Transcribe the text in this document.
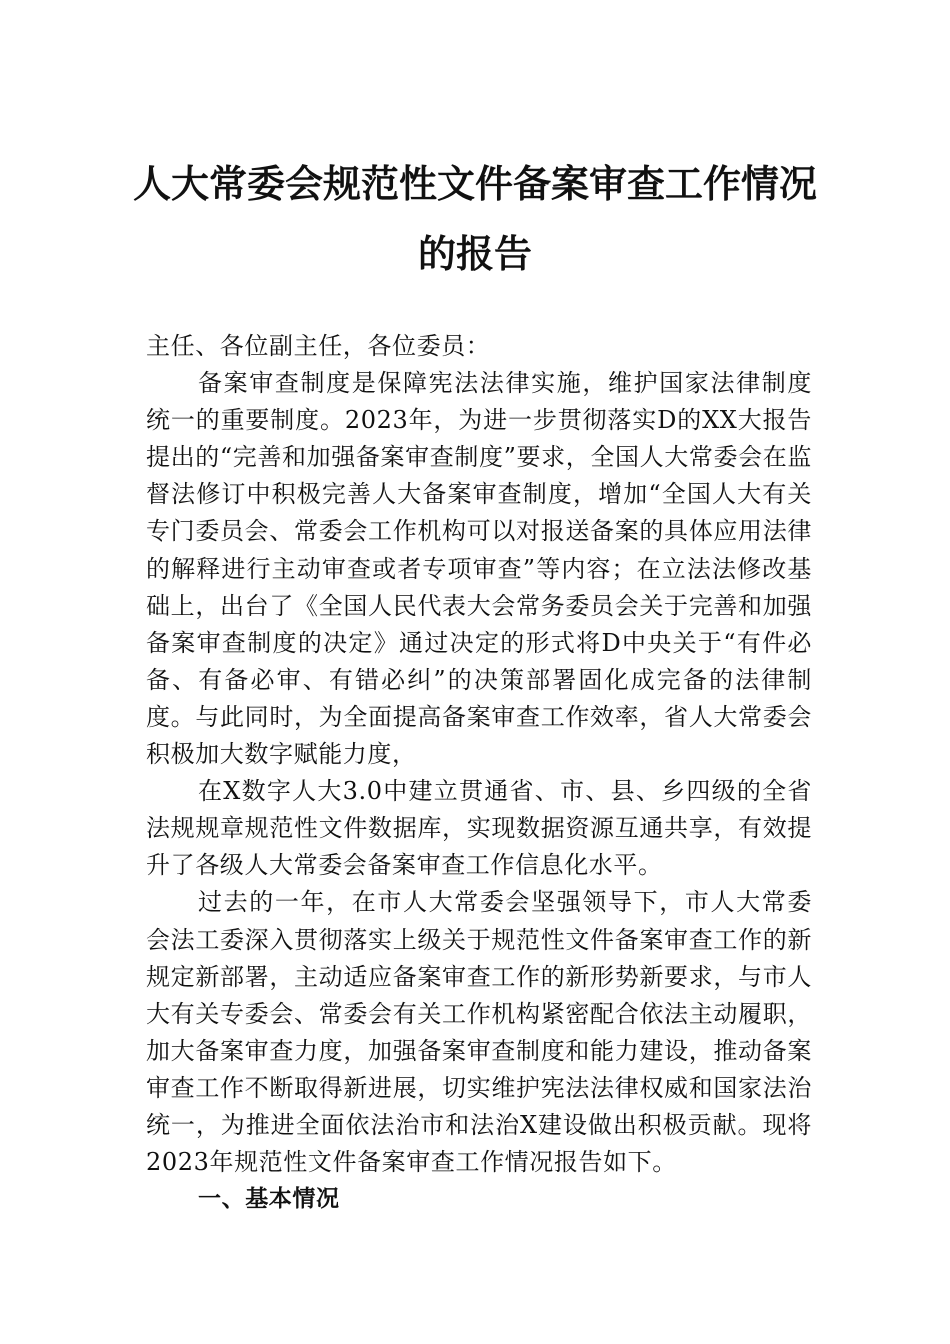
人大常委会规范性文件备案审查工作情况
的报告

主任、各位副主任，各位委员：

备案审查制度是保障宪法法律实施，维护国家法律制度统一的重要制度。2023年，为进一步贯彻落实D的XX大报告提出的“完善和加强备案审查制度”要求，全国人大常委会在监督法修订中积极完善人大备案审查制度，增加“全国人大有关专门委员会、常委会工作机构可以对报送备案的具体应用法律的解释进行主动审查或者专项审查”等内容；在立法法修改基础上，出台了《全国人民代表大会常务委员会关于完善和加强备案审查制度的决定》通过决定的形式将D中央关于“有件必备、有备必审、有错必纠”的决策部署固化成完备的法律制度。与此同时，为全面提高备案审查工作效率，省人大常委会积极加大数字赋能力度，

在X数字人大3.0中建立贯通省、市、县、乡四级的全省法规规章规范性文件数据库，实现数据资源互通共享，有效提升了各级人大常委会备案审查工作信息化水平。

过去的一年，在市人大常委会坚强领导下，市人大常委会法工委深入贯彻落实上级关于规范性文件备案审查工作的新规定新部署，主动适应备案审查工作的新形势新要求，与市人大有关专委会、常委会有关工作机构紧密配合依法主动履职，加大备案审查力度，加强备案审查制度和能力建设，推动备案审查工作不断取得新进展，切实维护宪法法律权威和国家法治统一，为推进全面依法治市和法治X建设做出积极贡献。现将2023年规范性文件备案审查工作情况报告如下。

一、基本情况
